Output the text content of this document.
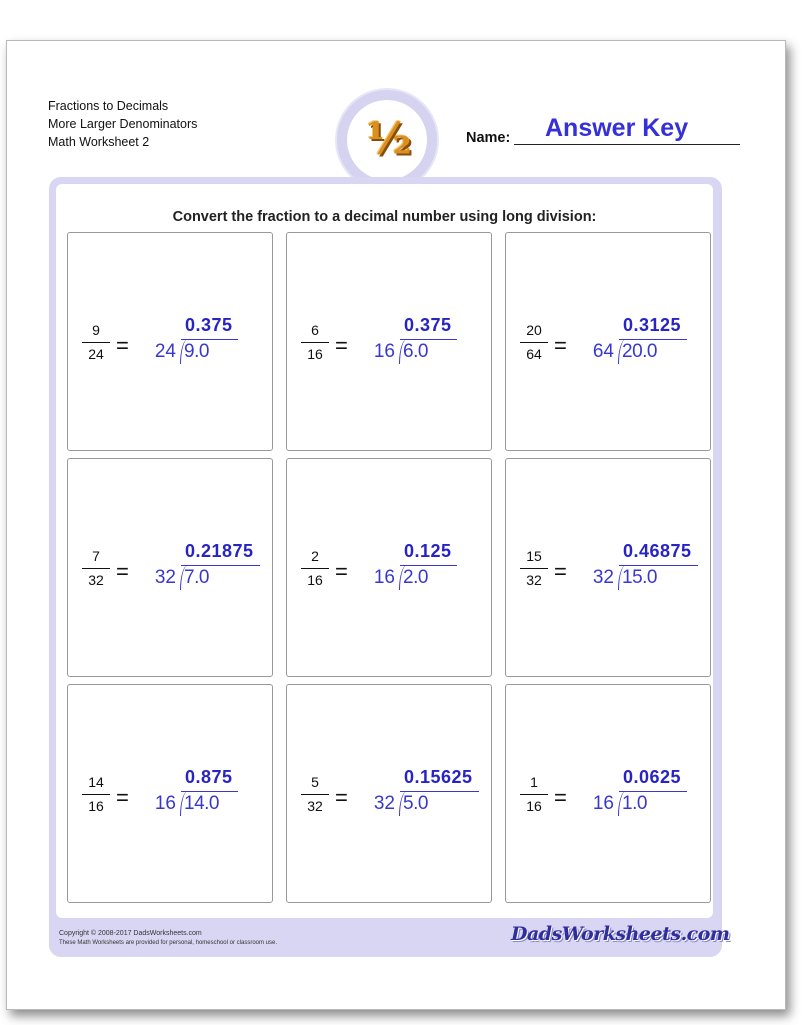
Fractions to Decimals
More Larger Denominators
Math Worksheet 2	½	Name: Answer Key
Convert the fraction to a decimal number using long division:
9
24 =	24 9.0
0.375	6
16 =	16 6.0
0.375	20
64 =	64 20.0
0.3125
7
32 =	32 7.0
0.21875	2
16 =	16 2.0
0.125	15
32 =	32 15.0
0.46875
14
16 =	16 14.0
0.875	5
32 =	32 5.0
0.15625	1
16 =	16 1.0
0.0625
Copyright © 2008-2017 DadsWorksheets.com
These Math Worksheets are provided for personal, homeschool or classroom use.	DadsWorksheets.com
